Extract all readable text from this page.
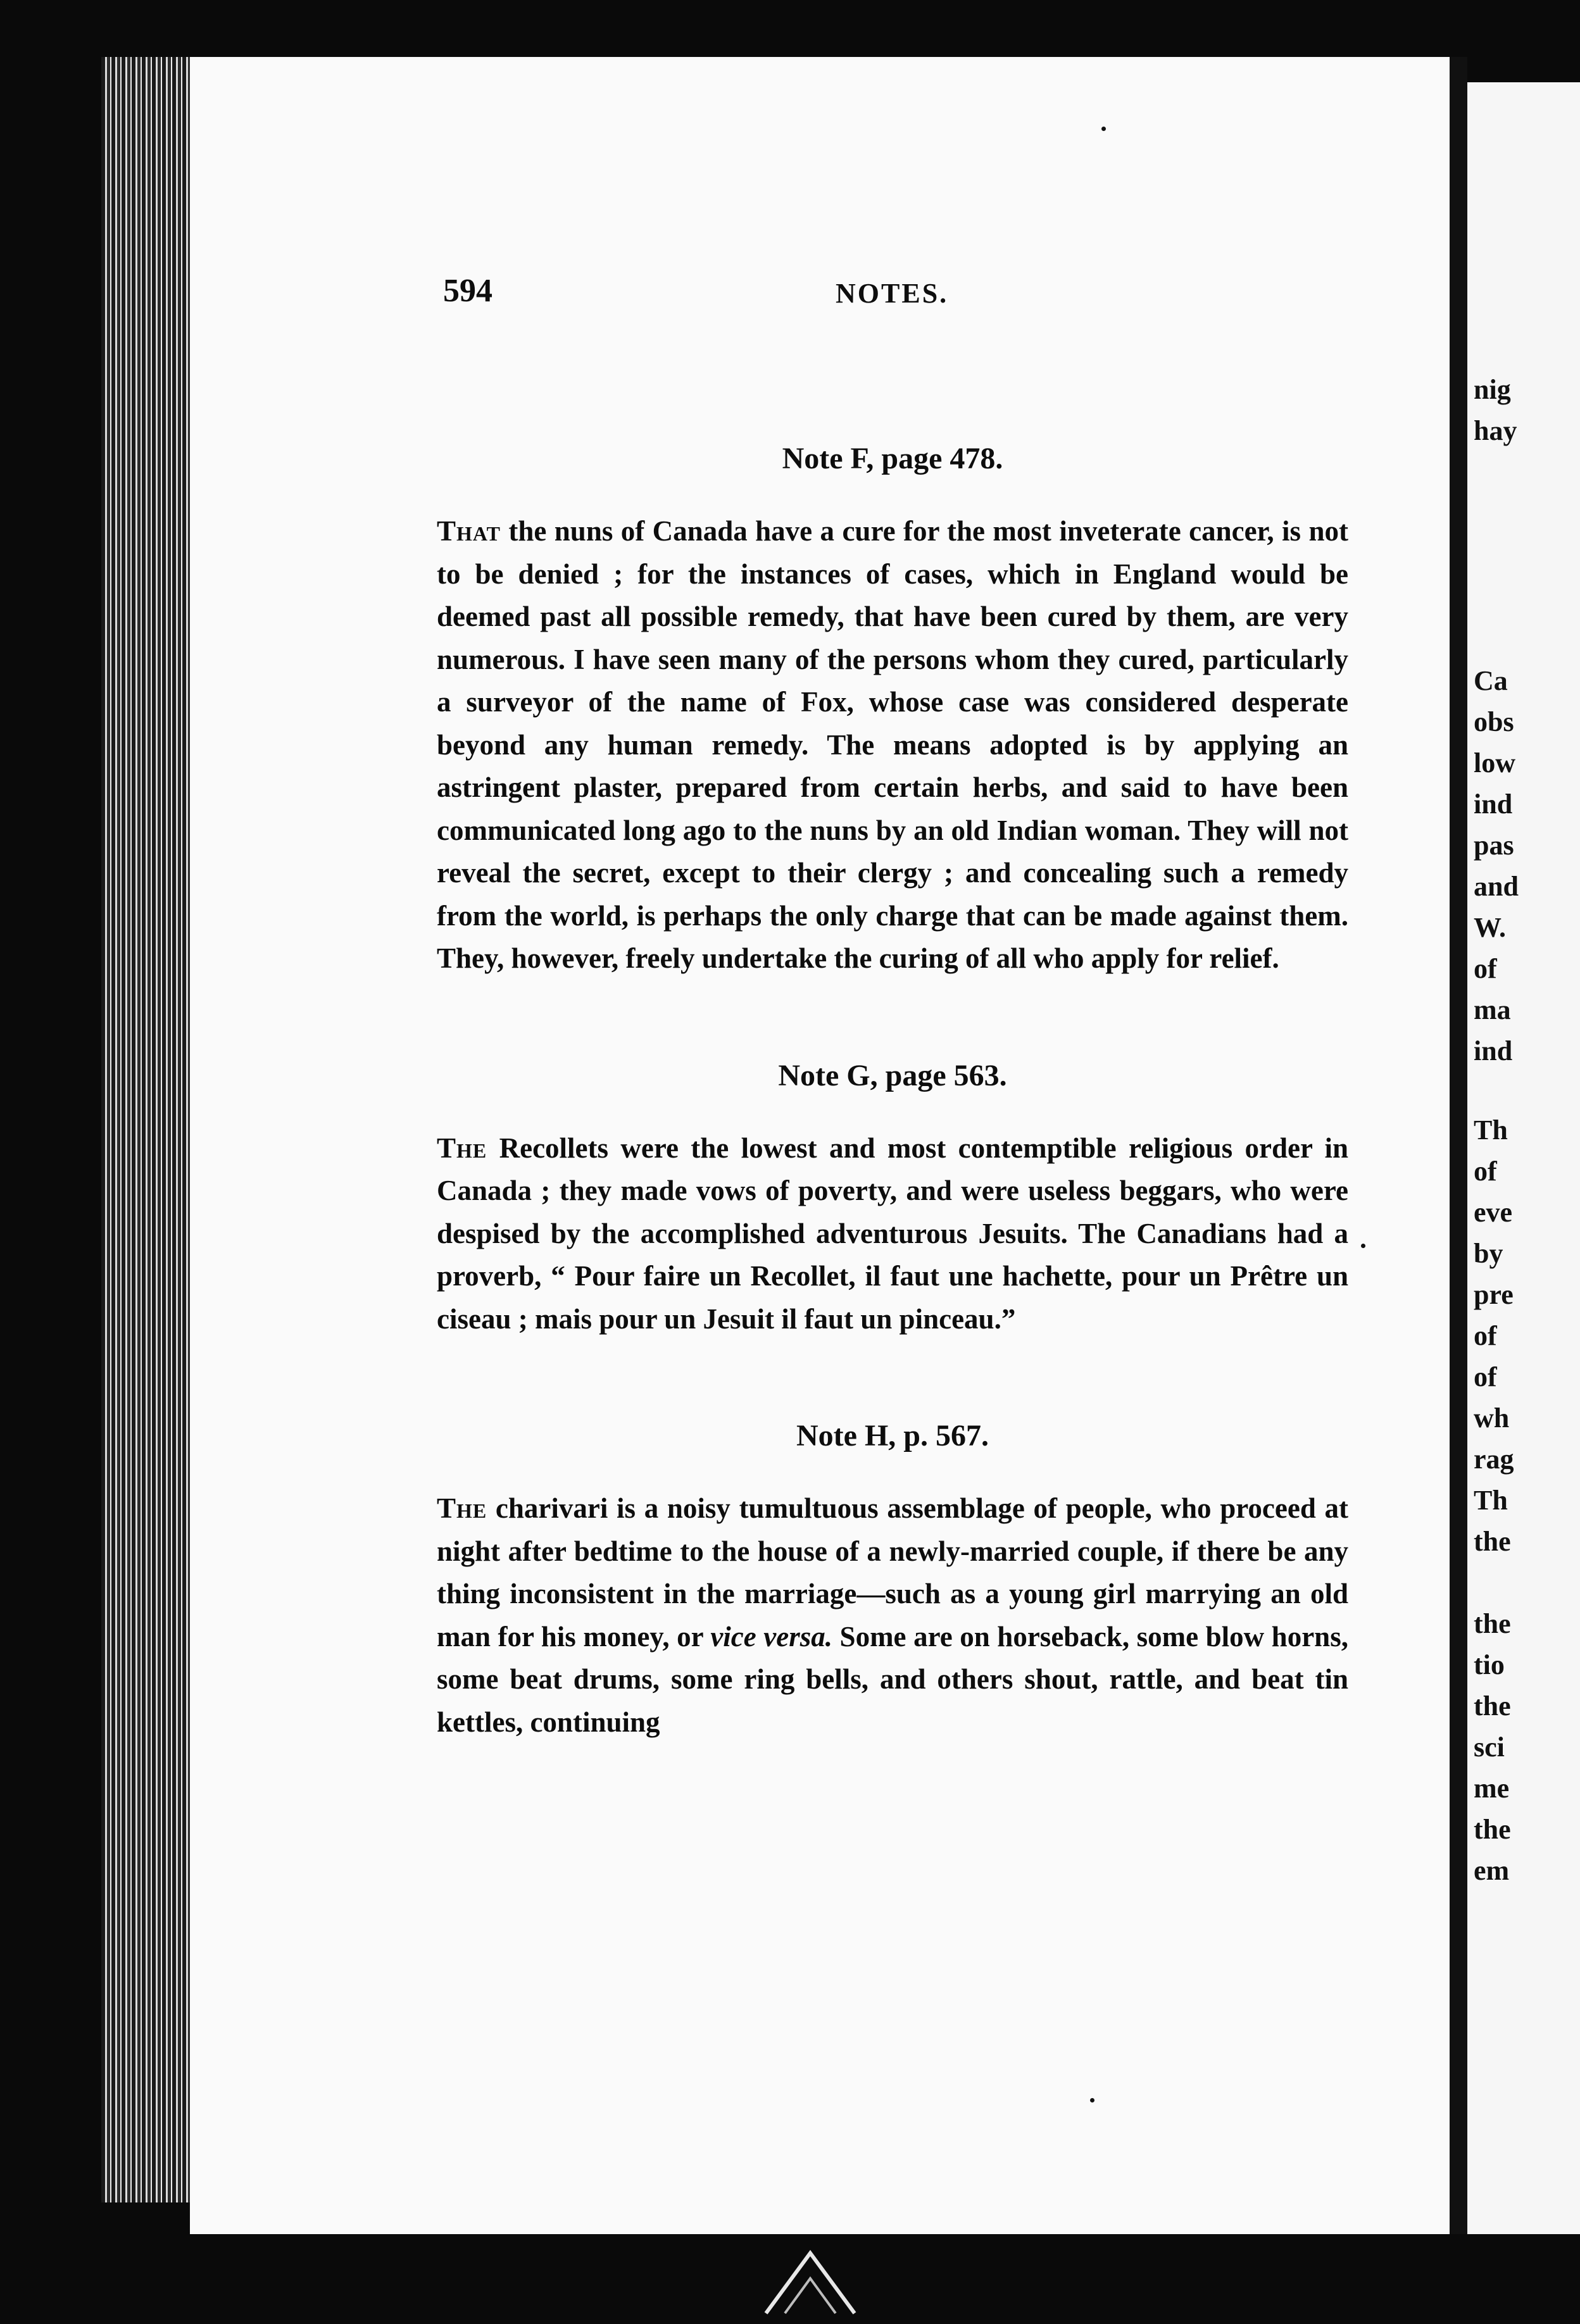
nig
hay
Ca
obs
low
ind
pas
and
W.
of
ma
ind
Th
of
eve
by
pre
of
of
wh
rag
Th
the
the
tio
the
sci
me
the
em
594	NOTES.
Note F, page 478.

That the nuns of Canada have a cure for the most inveterate cancer, is not to be denied ; for the instances of cases, which in England would be deemed past all possible remedy, that have been cured by them, are very numerous. I have seen many of the persons whom they cured, particularly a surveyor of the name of Fox, whose case was considered desperate beyond any human remedy. The means adopted is by applying an astringent plaster, prepared from certain herbs, and said to have been communicated long ago to the nuns by an old Indian woman. They will not reveal the secret, except to their clergy ; and concealing such a remedy from the world, is perhaps the only charge that can be made against them. They, however, freely undertake the curing of all who apply for relief.

Note G, page 563.

The Recollets were the lowest and most contemptible religious order in Canada ; they made vows of poverty, and were useless beggars, who were despised by the accomplished adventurous Jesuits. The Canadians had a proverb, “ Pour faire un Recollet, il faut une hachette, pour un Prêtre un ciseau ; mais pour un Jesuit il faut un pinceau.”

Note H, p. 567.

The charivari is a noisy tumultuous assemblage of people, who proceed at night after bedtime to the house of a newly-married couple, if there be any thing inconsistent in the marriage—such as a young girl marrying an old man for his money, or vice versa. Some are on horseback, some blow horns, some beat drums, some ring bells, and others shout, rattle, and beat tin kettles, continuing
